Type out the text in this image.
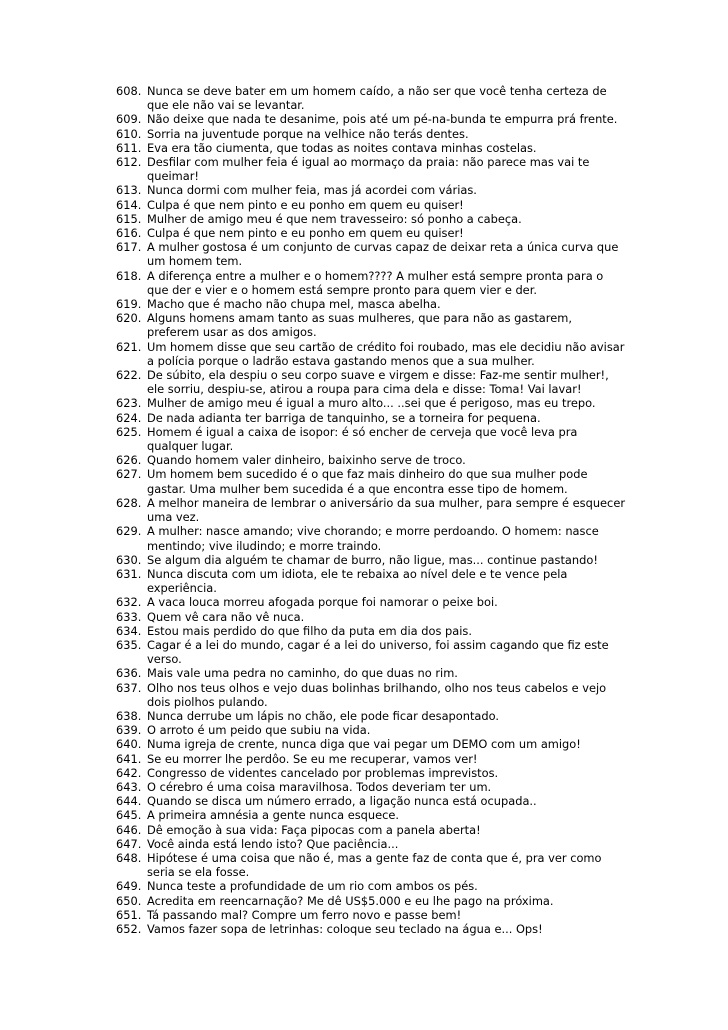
608. Nunca se deve bater em um homem caído, a não ser que você tenha certeza de que ele não vai se levantar.
609. Não deixe que nada te desanime, pois até um pé-na-bunda te empurra prá frente.
610. Sorria na juventude porque na velhice não terás dentes.
611. Eva era tão ciumenta, que todas as noites contava minhas costelas.
612. Desfilar com mulher feia é igual ao mormaço da praia: não parece mas vai te queimar!
613. Nunca dormi com mulher feia, mas já acordei com várias.
614. Culpa é que nem pinto e eu ponho em quem eu quiser!
615. Mulher de amigo meu é que nem travesseiro: só ponho a cabeça.
616. Culpa é que nem pinto e eu ponho em quem eu quiser!
617. A mulher gostosa é um conjunto de curvas capaz de deixar reta a única curva que um homem tem.
618. A diferença entre a mulher e o homem???? A mulher está sempre pronta para o que der e vier e o homem está sempre pronto para quem vier e der.
619. Macho que é macho não chupa mel, masca abelha.
620. Alguns homens amam tanto as suas mulheres, que para não as gastarem, preferem usar as dos amigos.
621. Um homem disse que seu cartão de crédito foi roubado, mas ele decidiu não avisar a polícia porque o ladrão estava gastando menos que a sua mulher.
622. De súbito, ela despiu o seu corpo suave e virgem e disse: Faz-me sentir mulher!, ele sorriu, despiu-se, atirou a roupa para cima dela e disse: Toma! Vai lavar!
623. Mulher de amigo meu é igual a muro alto... ..sei que é perigoso, mas eu trepo.
624. De nada adianta ter barriga de tanquinho, se a torneira for pequena.
625. Homem é igual a caixa de isopor: é só encher de cerveja que você leva pra qualquer lugar.
626. Quando homem valer dinheiro, baixinho serve de troco.
627. Um homem bem sucedido é o que faz mais dinheiro do que sua mulher pode gastar. Uma mulher bem sucedida é a que encontra esse tipo de homem.
628. A melhor maneira de lembrar o aniversário da sua mulher, para sempre é esquecer uma vez.
629. A mulher: nasce amando; vive chorando; e morre perdoando. O homem: nasce mentindo; vive iludindo; e morre traindo.
630. Se algum dia alguém te chamar de burro, não ligue, mas... continue pastando!
631. Nunca discuta com um idiota, ele te rebaixa ao nível dele e te vence pela experiência.
632. A vaca louca morreu afogada porque foi namorar o peixe boi.
633. Quem vê cara não vê nuca.
634. Estou mais perdido do que filho da puta em dia dos pais.
635. Cagar é a lei do mundo, cagar é a lei do universo, foi assim cagando que fiz este verso.
636. Mais vale uma pedra no caminho, do que duas no rim.
637. Olho nos teus olhos e vejo duas bolinhas brilhando, olho nos teus cabelos e vejo dois piolhos pulando.
638. Nunca derrube um lápis no chão, ele pode ficar desapontado.
639. O arroto é um peido que subiu na vida.
640. Numa igreja de crente, nunca diga que vai pegar um DEMO com um amigo!
641. Se eu morrer lhe perdôo. Se eu me recuperar, vamos ver!
642. Congresso de videntes cancelado por problemas imprevistos.
643. O cérebro é uma coisa maravilhosa. Todos deveriam ter um.
644. Quando se disca um número errado, a ligação nunca está ocupada..
645. A primeira amnésia a gente nunca esquece.
646. Dê emoção à sua vida: Faça pipocas com a panela aberta!
647. Você ainda está lendo isto? Que paciência...
648. Hipótese é uma coisa que não é, mas a gente faz de conta que é, pra ver como seria se ela fosse.
649. Nunca teste a profundidade de um rio com ambos os pés.
650. Acredita em reencarnação? Me dê US$5.000 e eu lhe pago na próxima.
651. Tá passando mal? Compre um ferro novo e passe bem!
652. Vamos fazer sopa de letrinhas: coloque seu teclado na água e... Ops!
